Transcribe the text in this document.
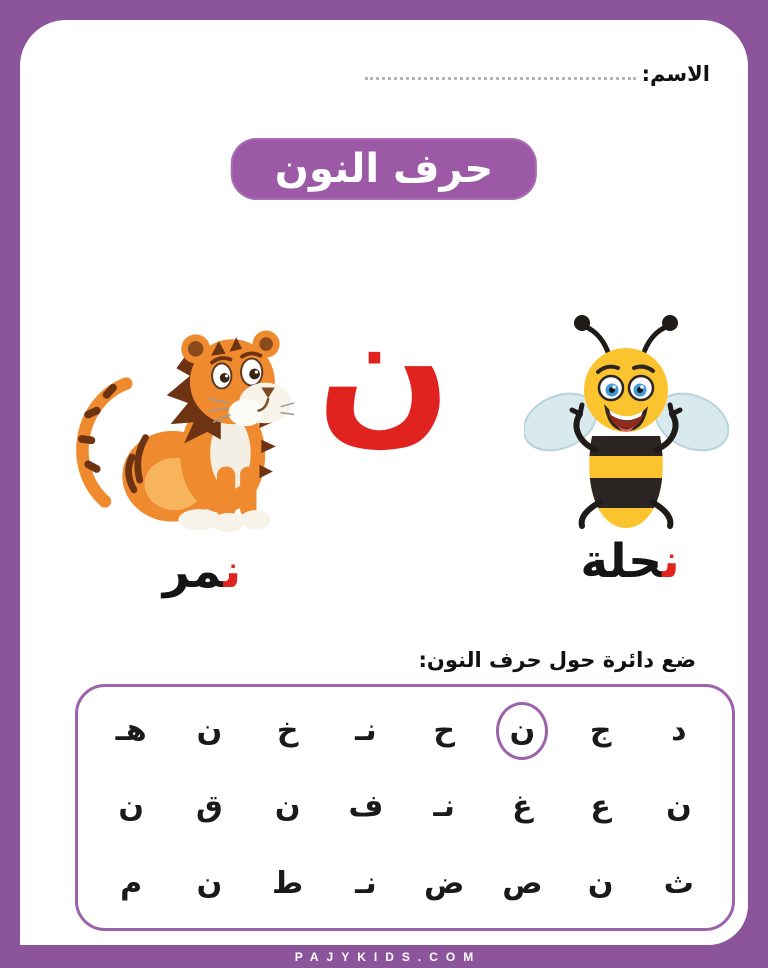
الاسم:
حرف النون
ن
ن‍‍مر	ن‍‍حلة
ضع دائرة حول حرف النون:
د
ج
ن
ح
نـ
خ
ن
هـ
ن
ع
غ
نـ
ف
ن
ق
ن
ث
ن
ص
ض
نـ
ط
ن
م
PAJYKIDS.COM
